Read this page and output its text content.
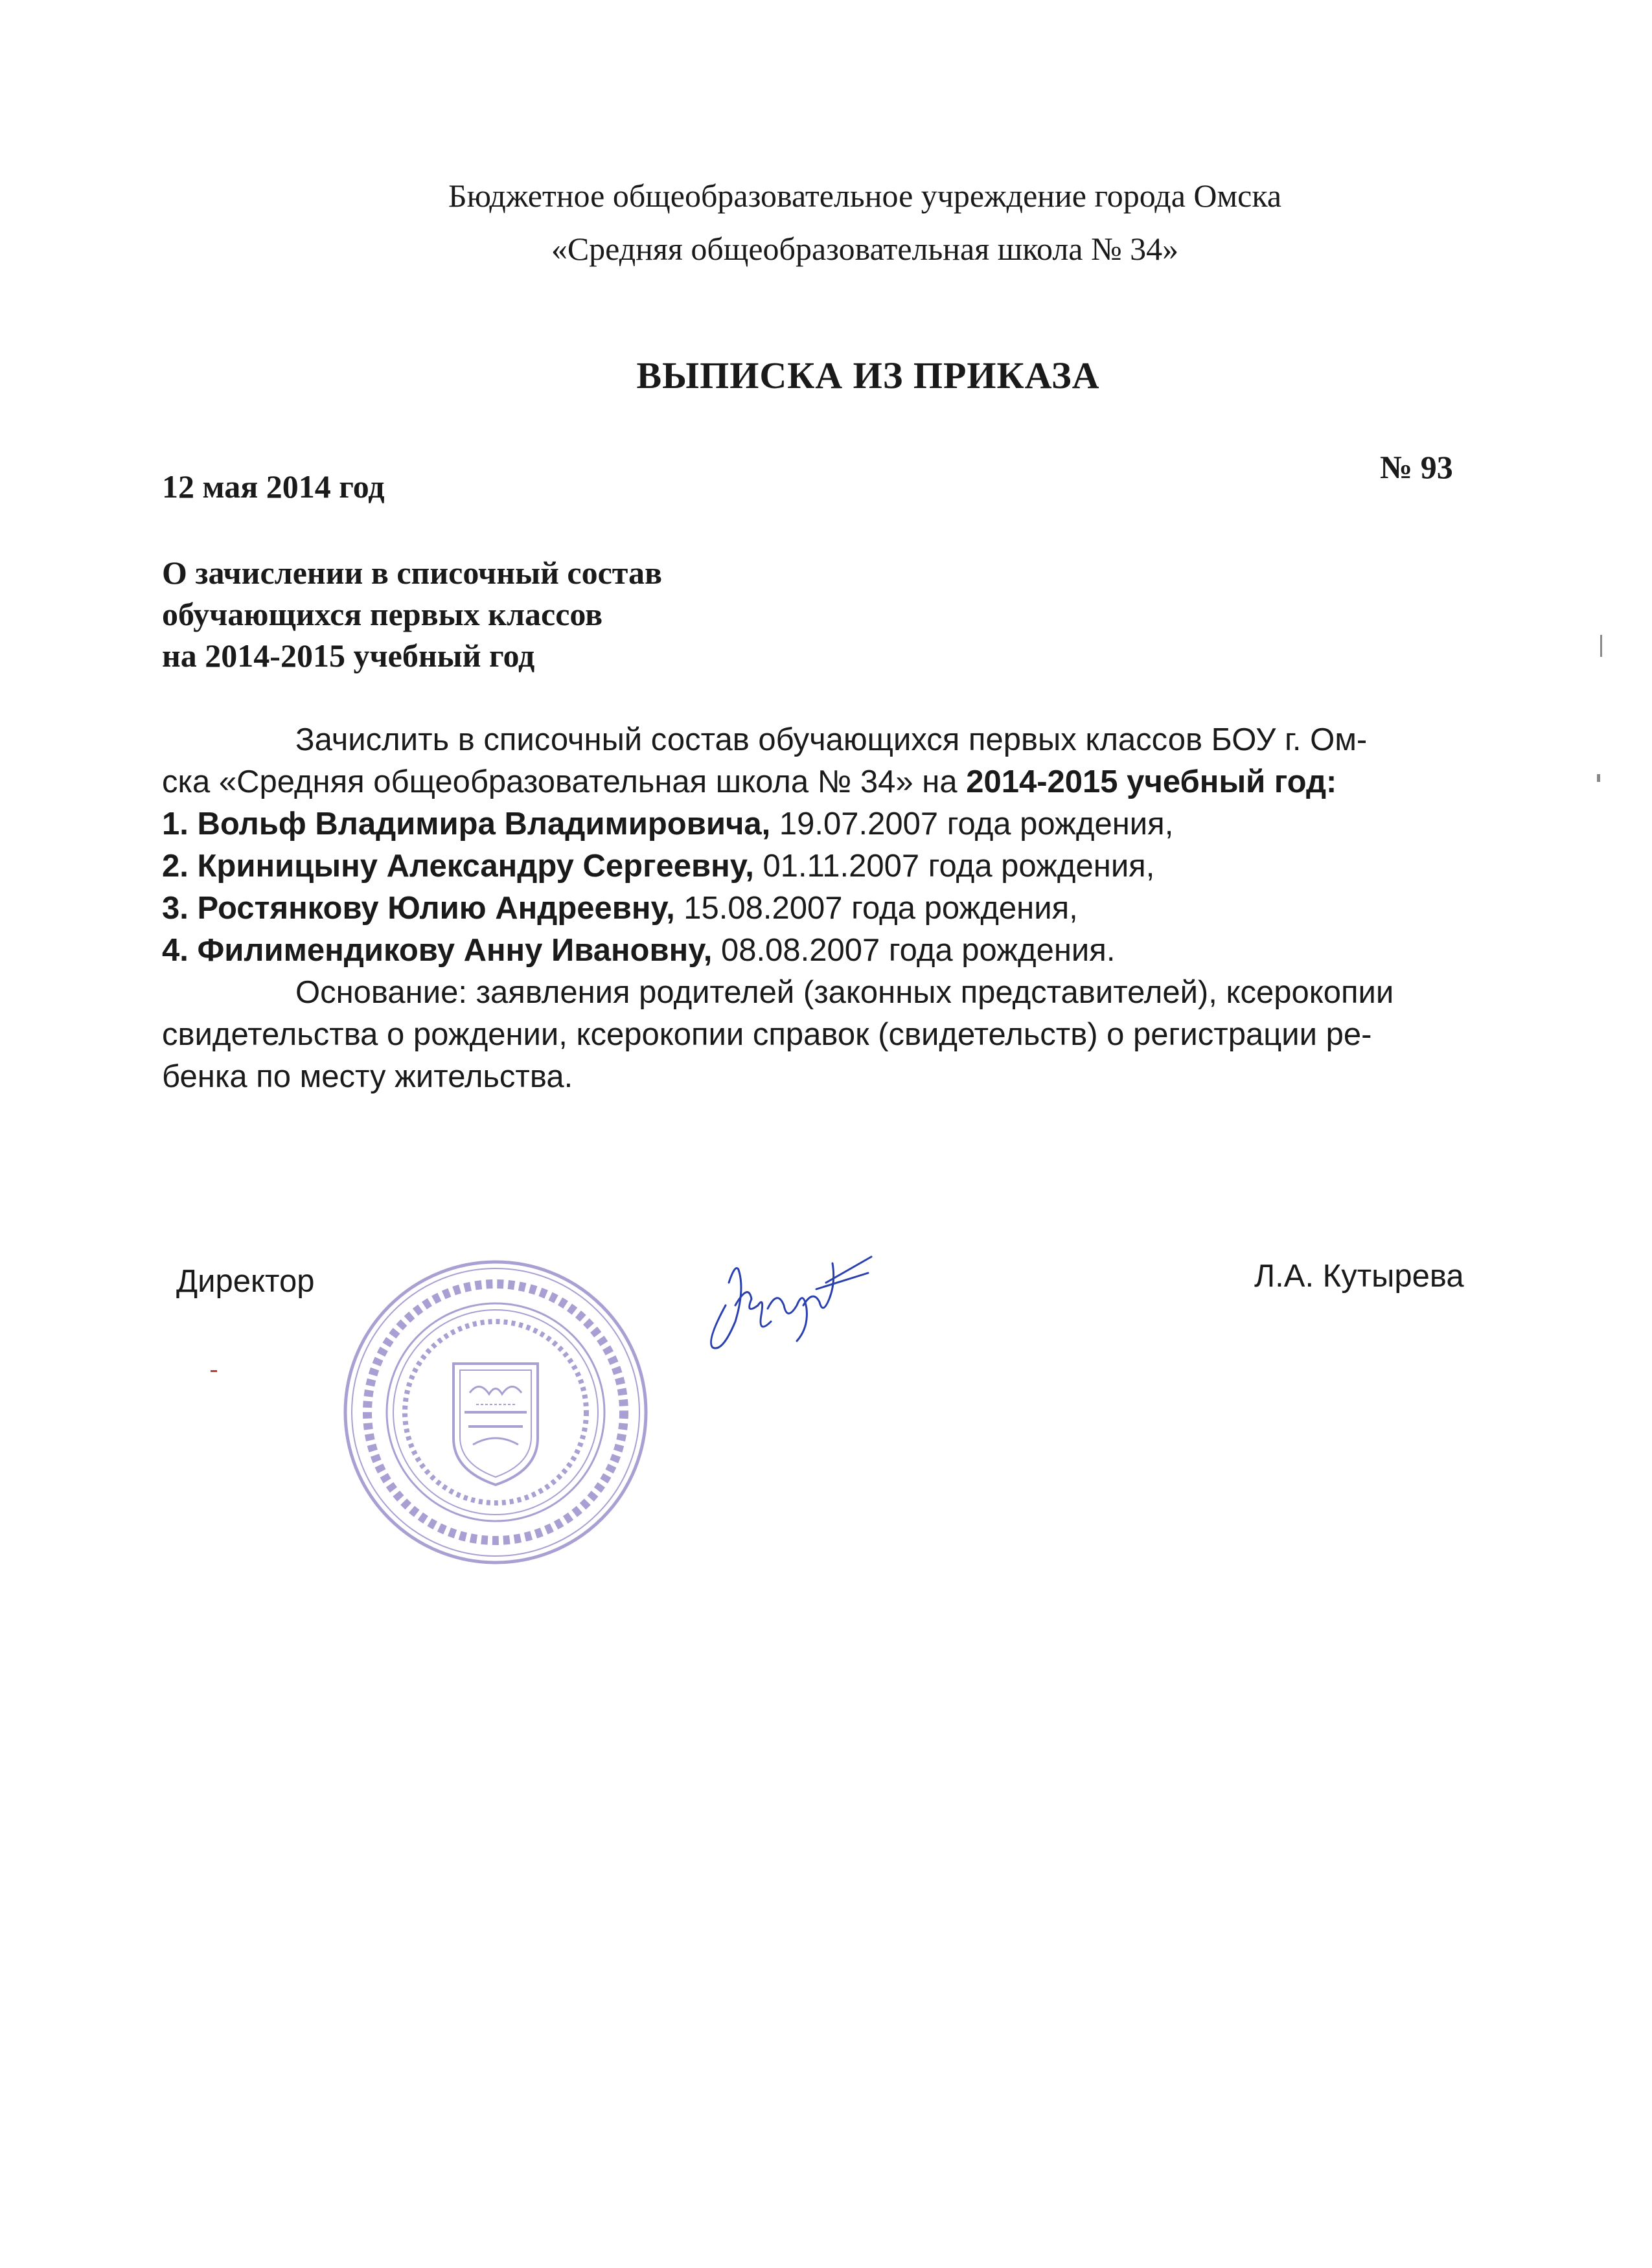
Бюджетное общеобразовательное учреждение города Омска
«Средняя общеобразовательная школа № 34»
ВЫПИСКА ИЗ ПРИКАЗА
12 мая 2014 год
№ 93
О зачислении в списочный состав
обучающихся первых классов
на 2014-2015 учебный год
Зачислить в списочный состав обучающихся первых классов БОУ г. Ом-
ска «Средняя общеобразовательная школа № 34» на 2014-2015 учебный год:
1. Вольф Владимира Владимировича, 19.07.2007 года рождения,
2. Криницыну Александру Сергеевну, 01.11.2007 года рождения,
3. Ростянкову Юлию Андреевну, 15.08.2007 года рождения,
4. Филимендикову Анну Ивановну, 08.08.2007 года рождения.
Основание: заявления родителей (законных представителей), ксерокопии
свидетельства о рождении, ксерокопии справок (свидетельств) о регистрации ре-
бенка по месту жительства.
Директор	Л.А. Кутырева
